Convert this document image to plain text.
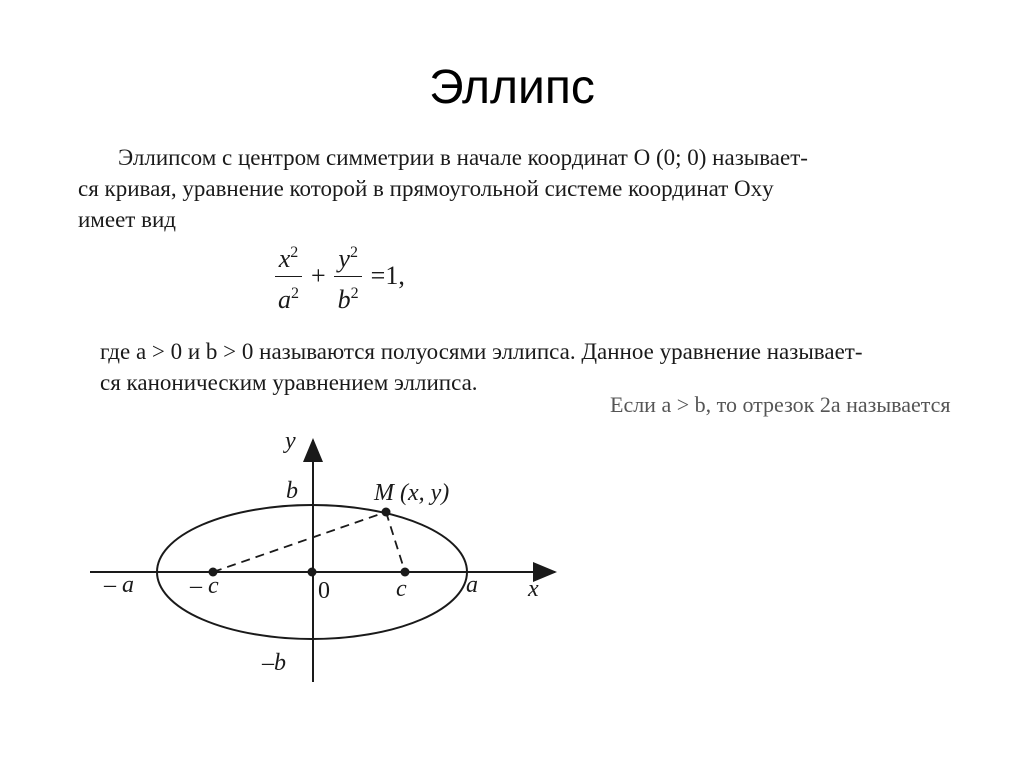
Эллипс
Эллипсом с центром симметрии в начале координат O (0; 0) называет-
ся кривая, уравнение которой в прямоугольной системе координат Oxy
имеет вид
$\frac{x^2}{a^2} + \frac{y^2}{b^2} =1$,
где a > 0 и b > 0 называются полуосями эллипса. Данное уравнение называет-
ся каноническим уравнением эллипса.
Если a > b, то отрезок 2a называется
y
x
b
–b
– a	a
– c	c
0
M (x, y)
